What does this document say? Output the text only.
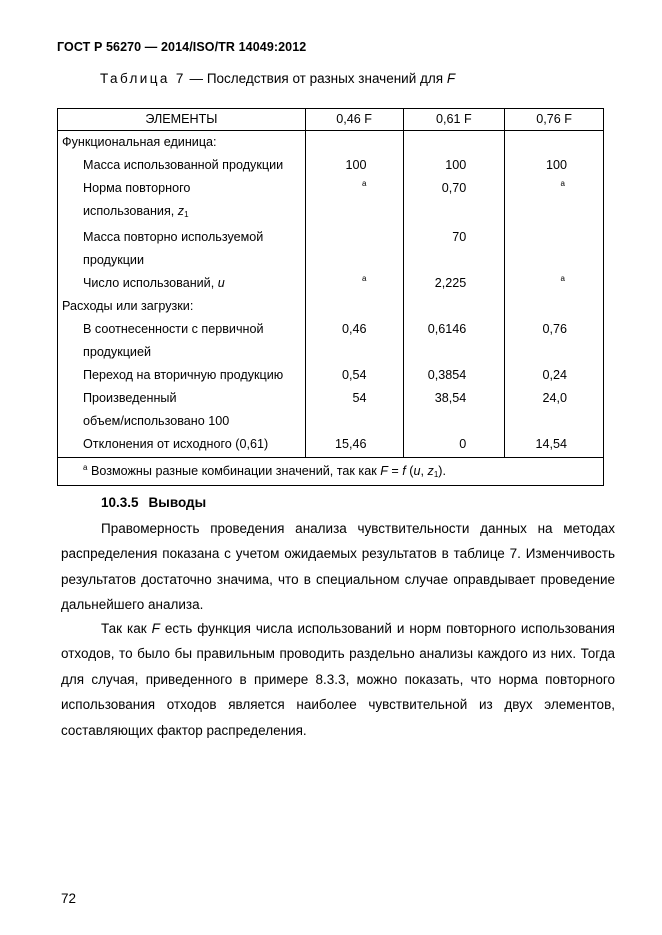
ГОСТ Р 56270 — 2014/ISO/TR 14049:2012
Таблица 7 — Последствия от разных значений для F
ЭЛЕМЕНТЫ	0,46 F	0,61 F	0,76 F
Функциональная единица:			
Масса использованной продукции	100	100	100
Норма повторного	a	0,70	a
использования, $z_1$			
Масса повторно используемой		70	
продукции			
Число использований, u	a	2,225	a
Расходы или загрузки:			
В соотнесенности с первичной	0,46	0,6146	0,76
продукцией			
Переход на вторичную продукцию	0,54	0,3854	0,24
Произведенный	54	38,54	24,0
объем/использовано 100			
Отклонения от исходного (0,61)	15,46	0	14,54
$^a$ Возможны разные комбинации значений, так как F = f (u, $z_1$).			
10.3.5 Выводы
Правомерность проведения анализа чувствительности данных на методах распределения показана с учетом ожидаемых результатов в таблице 7. Изменчивость результатов достаточно значима, что в специальном случае оправдывает проведение дальнейшего анализа.
Так как F есть функция числа использований и норм повторного использования отходов, то было бы правильным проводить раздельно анализы каждого из них. Тогда для случая, приведенного в примере 8.3.3, можно показать, что норма повторного использования отходов является наиболее чувствительной из двух элементов, составляющих фактор распределения.
72
